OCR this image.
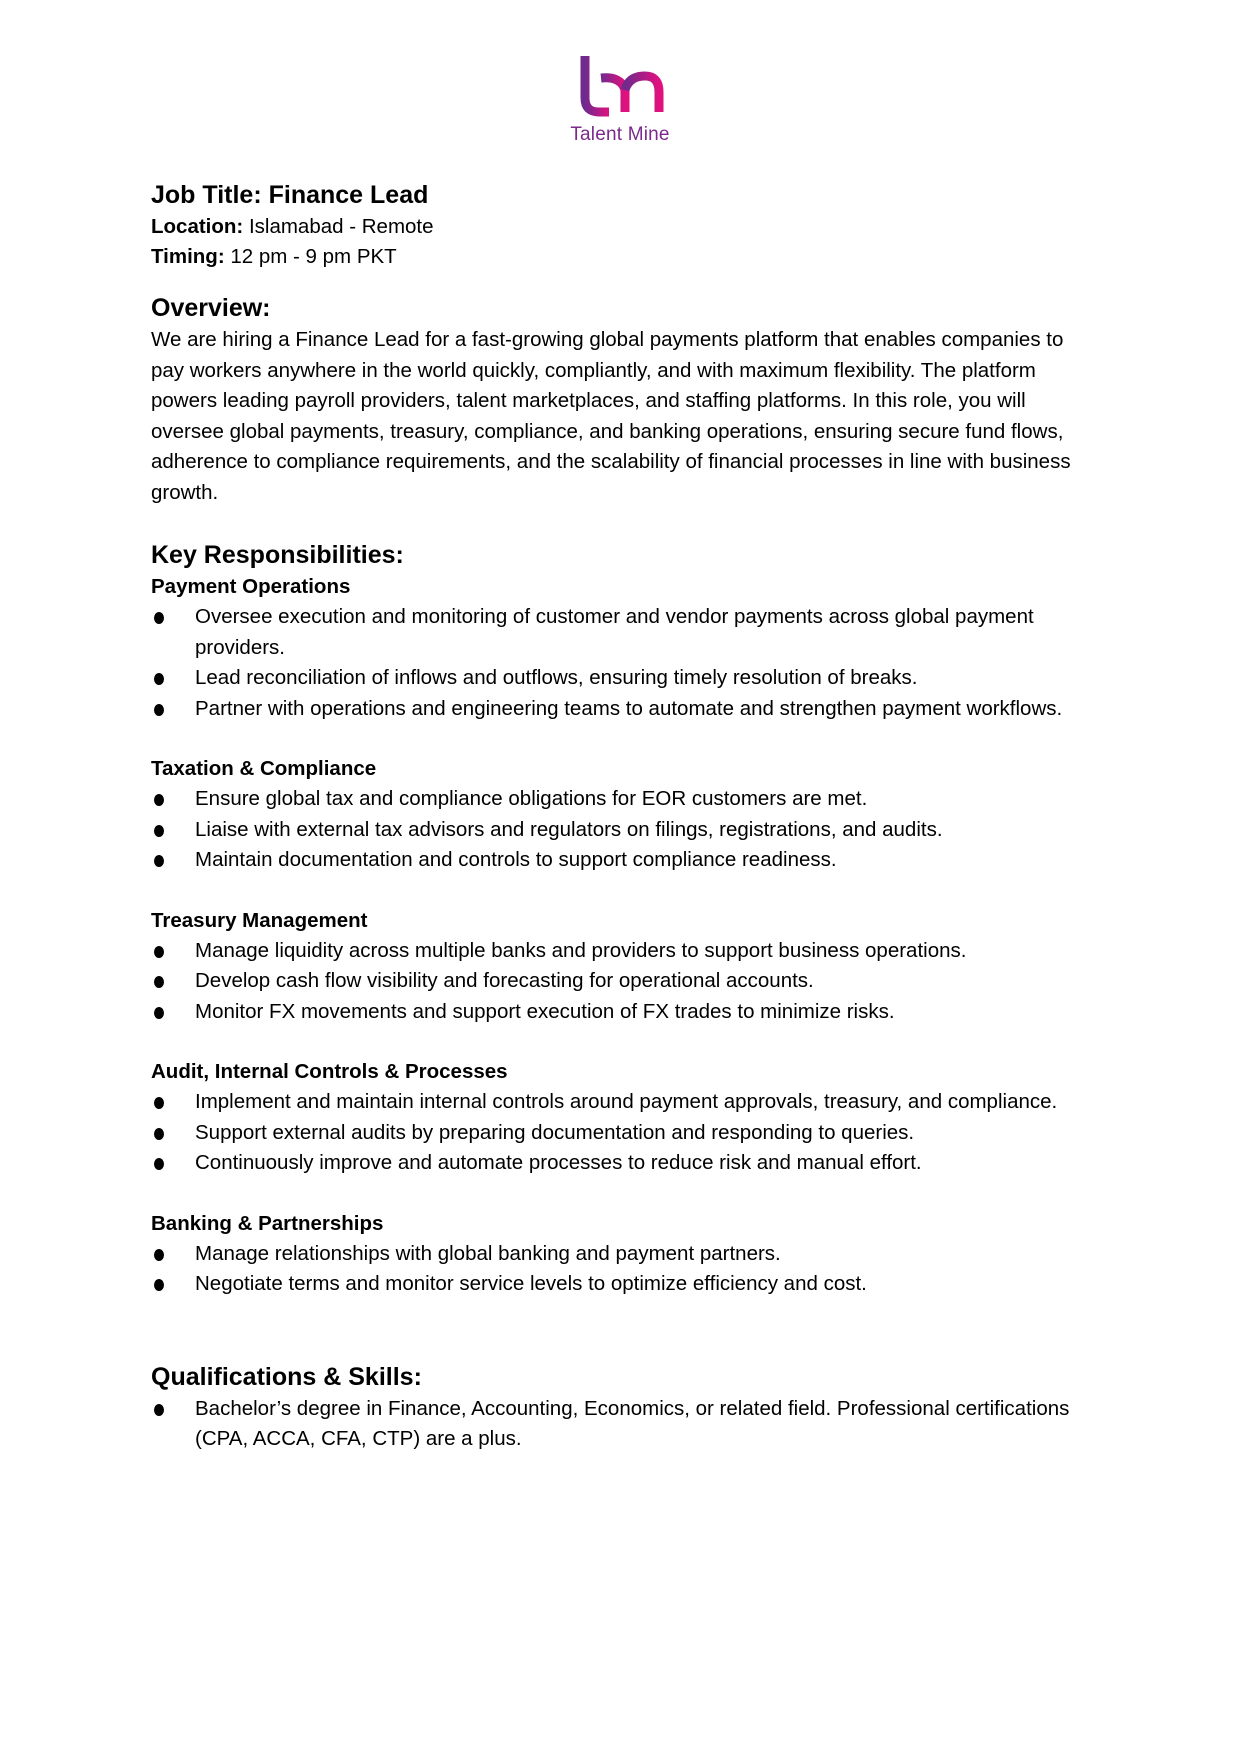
Talent Mine
Job Title: Finance Lead

Location: Islamabad - Remote

Timing: 12 pm - 9 pm PKT

Overview:

We are hiring a Finance Lead for a fast-growing global payments platform that enables companies to pay workers anywhere in the world quickly, compliantly, and with maximum flexibility. The platform powers leading payroll providers, talent marketplaces, and staffing platforms. In this role, you will oversee global payments, treasury, compliance, and banking operations, ensuring secure fund flows, adherence to compliance requirements, and the scalability of financial processes in line with business growth.

Key Responsibilities:
Payment Operations
Oversee execution and monitoring of customer and vendor payments across global payment providers.
Lead reconciliation of inflows and outflows, ensuring timely resolution of breaks.
Partner with operations and engineering teams to automate and strengthen payment workflows.
Taxation & Compliance
Ensure global tax and compliance obligations for EOR customers are met.
Liaise with external tax advisors and regulators on filings, registrations, and audits.
Maintain documentation and controls to support compliance readiness.
Treasury Management
Manage liquidity across multiple banks and providers to support business operations.
Develop cash flow visibility and forecasting for operational accounts.
Monitor FX movements and support execution of FX trades to minimize risks.
Audit, Internal Controls & Processes
Implement and maintain internal controls around payment approvals, treasury, and compliance.
Support external audits by preparing documentation and responding to queries.
Continuously improve and automate processes to reduce risk and manual effort.
Banking & Partnerships
Manage relationships with global banking and payment partners.
Negotiate terms and monitor service levels to optimize efficiency and cost.
Qualifications & Skills:
Bachelor’s degree in Finance, Accounting, Economics, or related field. Professional certifications (CPA, ACCA, CFA, CTP) are a plus.
